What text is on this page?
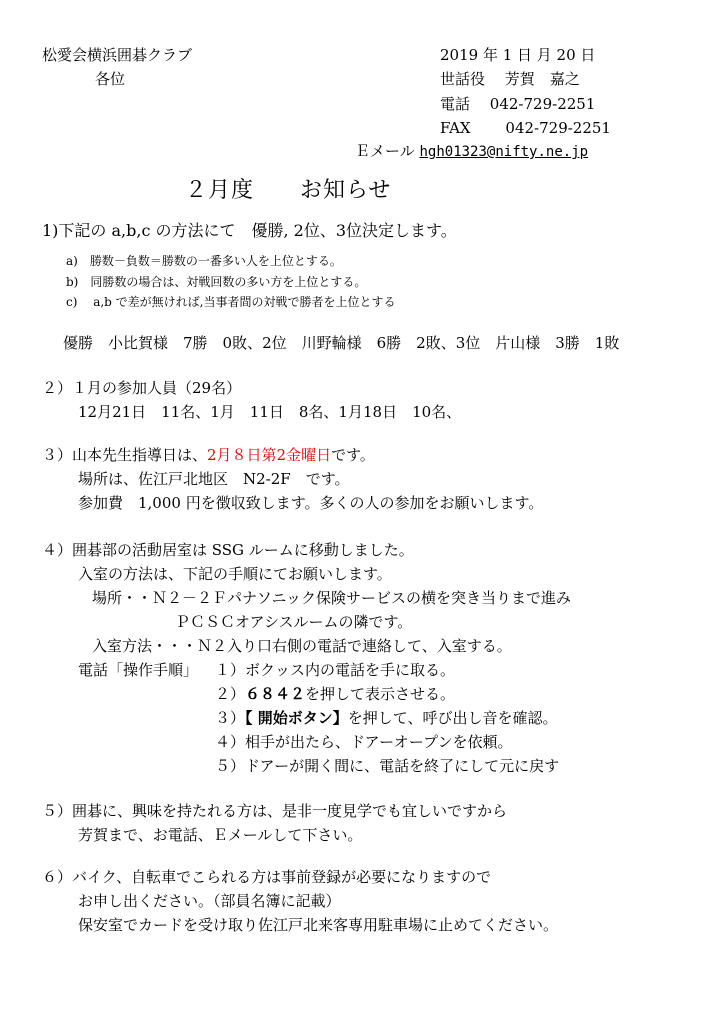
松愛会横浜囲碁クラブ
各位
2019 年 1 日 月 20 日
世話役　 芳賀　嘉之
電話　 042-729-2251
FAX　　 042-729-2251
Ｅメール hgh01323@nifty.ne.jp
２月度　　お知らせ
1)下記の a,b,c の方法にて　優勝, 2位、3位決定します。
a)　勝数－負数＝勝数の一番多い人を上位とする。
b)　同勝数の場合は、対戦回数の多い方を上位とする。
c)　 a,b で差が無ければ,当事者間の対戦で勝者を上位とする
優勝　小比賀様　7勝　0敗、2位　川野輪様　6勝　2敗、3位　片山様　3勝　1敗
２）１月の参加人員（29名）
12月21日　11名、1月　11日　8名、1月18日　10名、
３）山本先生指導日は、2月８日第2金曜日です。
場所は、佐江戸北地区　N2-2F　です。
参加費　1,000 円を徴収致します。多くの人の参加をお願いします。
４）囲碁部の活動居室は SSG ルームに移動しました。
入室の方法は、下記の手順にてお願いします。
場所・・Ｎ２－２Ｆパナソニック保険サービスの横を突き当りまで進み
ＰＣＳＣオアシスルームの隣です。
入室方法・・・Ｎ２入り口右側の電話で連絡して、入室する。
電話「操作手順」 １）ボクッス内の電話を手に取る。
２）６８４２を押して表示させる。
３）【 開始ボタン】を押して、呼び出し音を確認。
４）相手が出たら、ドアーオープンを依頼。
５）ドアーが開く間に、電話を終了にして元に戻す
５）囲碁に、興味を持たれる方は、是非一度見学でも宜しいですから
芳賀まで、お電話、Ｅメールして下さい。
６）バイク、自転車でこられる方は事前登録が必要になりますので
お申し出ください。（部員名簿に記載）
保安室でカードを受け取り佐江戸北来客専用駐車場に止めてください。
